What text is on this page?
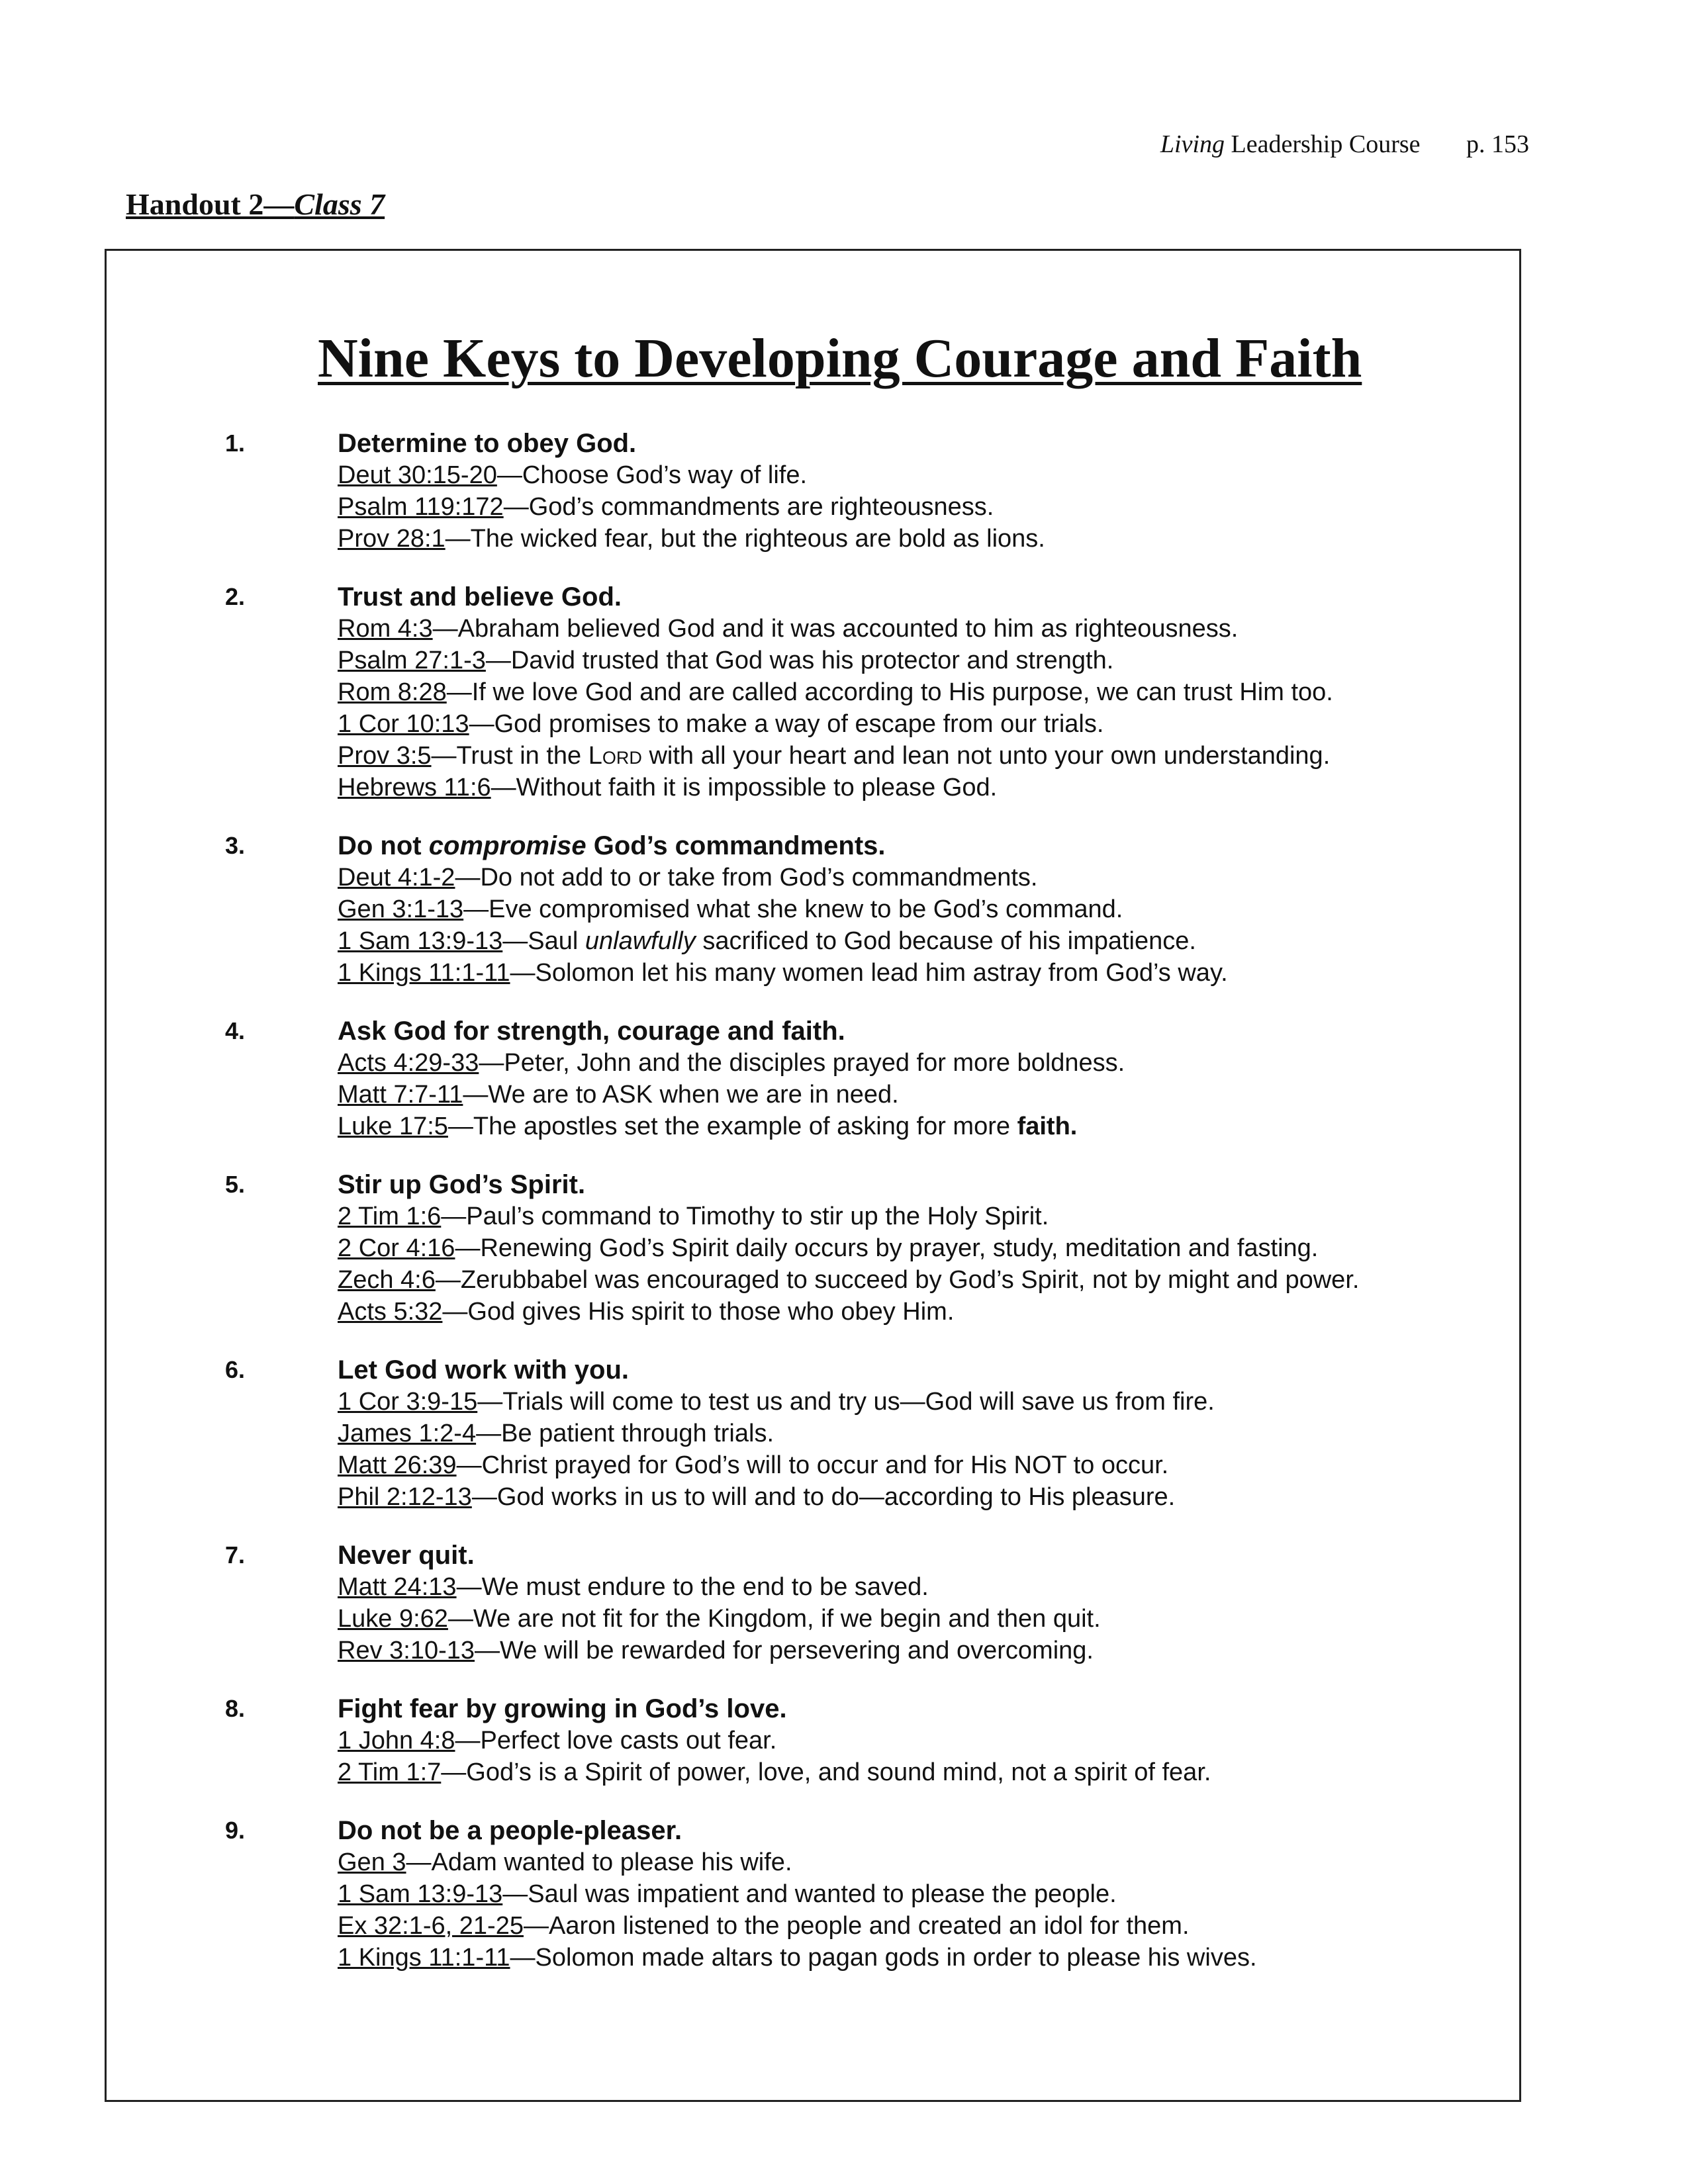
Living Leadership Course p. 153
Handout 2—Class 7
Nine Keys to Developing Courage and Faith
1.	Determine to obey God.
Deut 30:15-20—Choose God’s way of life.
Psalm 119:172—God’s commandments are righteousness.
Prov 28:1—The wicked fear, but the righteous are bold as lions.
2.	Trust and believe God.
Rom 4:3—Abraham believed God and it was accounted to him as righteousness.
Psalm 27:1-3—David trusted that God was his protector and strength.
Rom 8:28—If we love God and are called according to His purpose, we can trust Him too.
1 Cor 10:13—God promises to make a way of escape from our trials.
Prov 3:5—Trust in the Lord with all your heart and lean not unto your own understanding.
Hebrews 11:6—Without faith it is impossible to please God.
3.	Do not compromise God’s commandments.
Deut 4:1-2—Do not add to or take from God’s commandments.
Gen 3:1-13—Eve compromised what she knew to be God’s command.
1 Sam 13:9-13—Saul unlawfully sacrificed to God because of his impatience.
1 Kings 11:1-11—Solomon let his many women lead him astray from God’s way.
4.	Ask God for strength, courage and faith.
Acts 4:29-33—Peter, John and the disciples prayed for more boldness.
Matt 7:7-11—We are to ASK when we are in need.
Luke 17:5—The apostles set the example of asking for more faith.
5.	Stir up God’s Spirit.
2 Tim 1:6—Paul’s command to Timothy to stir up the Holy Spirit.
2 Cor 4:16—Renewing God’s Spirit daily occurs by prayer, study, meditation and fasting.
Zech 4:6—Zerubbabel was encouraged to succeed by God’s Spirit, not by might and power.
Acts 5:32—God gives His spirit to those who obey Him.
6.	Let God work with you.
1 Cor 3:9-15—Trials will come to test us and try us—God will save us from fire.
James 1:2-4—Be patient through trials.
Matt 26:39—Christ prayed for God’s will to occur and for His NOT to occur.
Phil 2:12-13—God works in us to will and to do—according to His pleasure.
7.	Never quit.
Matt 24:13—We must endure to the end to be saved.
Luke 9:62—We are not fit for the Kingdom, if we begin and then quit.
Rev 3:10-13—We will be rewarded for persevering and overcoming.
8.	Fight fear by growing in God’s love.
1 John 4:8—Perfect love casts out fear.
2 Tim 1:7—God’s is a Spirit of power, love, and sound mind, not a spirit of fear.
9.	Do not be a people-pleaser.
Gen 3—Adam wanted to please his wife.
1 Sam 13:9-13—Saul was impatient and wanted to please the people.
Ex 32:1-6, 21-25—Aaron listened to the people and created an idol for them.
1 Kings 11:1-11—Solomon made altars to pagan gods in order to please his wives.
